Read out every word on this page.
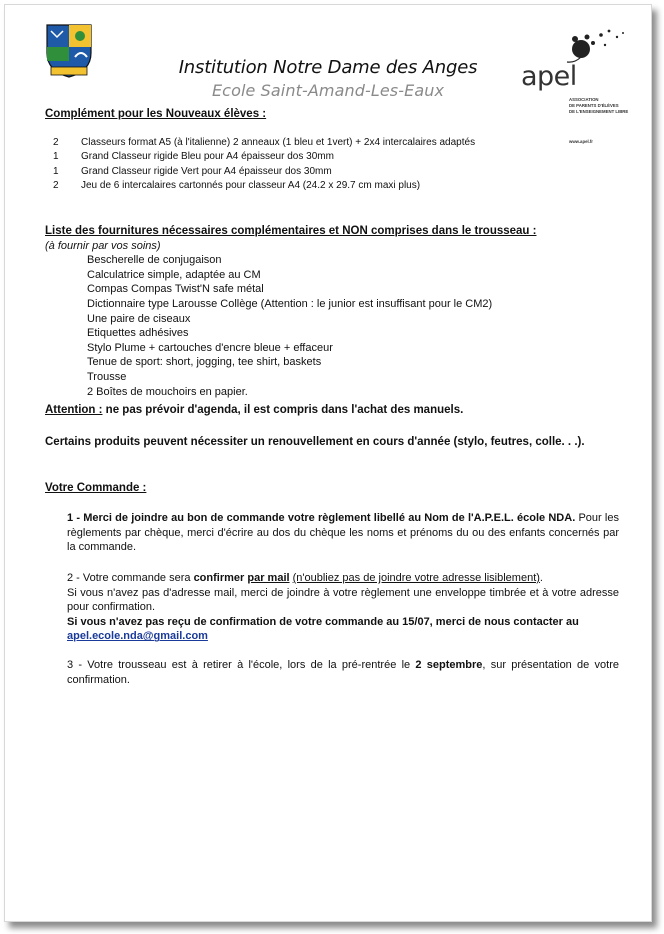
Institution Notre Dame des Anges
Ecole Saint-Amand-Les-Eaux	apel
ASSOCIATION
DE PARENTS D'ÉLÈVES
DE L'ENSEIGNEMENT LIBRE
www.apel.fr
Complément pour les Nouveaux élèves :
2	Classeurs format A5 (à l'italienne) 2 anneaux (1 bleu et 1vert) + 2x4 intercalaires adaptés
1	Grand Classeur rigide Bleu pour A4 épaisseur dos 30mm
1	Grand Classeur rigide Vert pour A4 épaisseur dos 30mm
2	Jeu de 6 intercalaires cartonnés pour classeur A4 (24.2 x 29.7 cm maxi plus)
Liste des fournitures nécessaires complémentaires et NON comprises dans le trousseau :
(à fournir par vos soins)
Bescherelle de conjugaison
Calculatrice simple, adaptée au CM
Compas Compas Twist'N safe métal
Dictionnaire type Larousse Collège (Attention : le junior est insuffisant pour le CM2)
Une paire de ciseaux
Etiquettes adhésives
Stylo Plume + cartouches d'encre bleue + effaceur
Tenue de sport: short, jogging, tee shirt, baskets
Trousse
2 Boîtes de mouchoirs en papier.
Attention : ne pas prévoir d'agenda, il est compris dans l'achat des manuels.
Certains produits peuvent nécessiter un renouvellement en cours d'année (stylo, feutres, colle. . .).
Votre Commande :
1 - Merci de joindre au bon de commande votre règlement libellé au Nom de l'A.P.E.L. école NDA. Pour les règlements par chèque, merci d'écrire au dos du chèque les noms et prénoms du ou des enfants concernés par la commande.
2 - Votre commande sera confirmer par mail (n'oubliez pas de joindre votre adresse lisiblement).
Si vous n'avez pas d'adresse mail, merci de joindre à votre règlement une enveloppe timbrée et à votre adresse pour confirmation.
Si vous n'avez pas reçu de confirmation de votre commande au 15/07, merci de nous contacter au
apel.ecole.nda@gmail.com
3 - Votre trousseau est à retirer à l'école, lors de la pré-rentrée le 2 septembre, sur présentation de votre confirmation.
